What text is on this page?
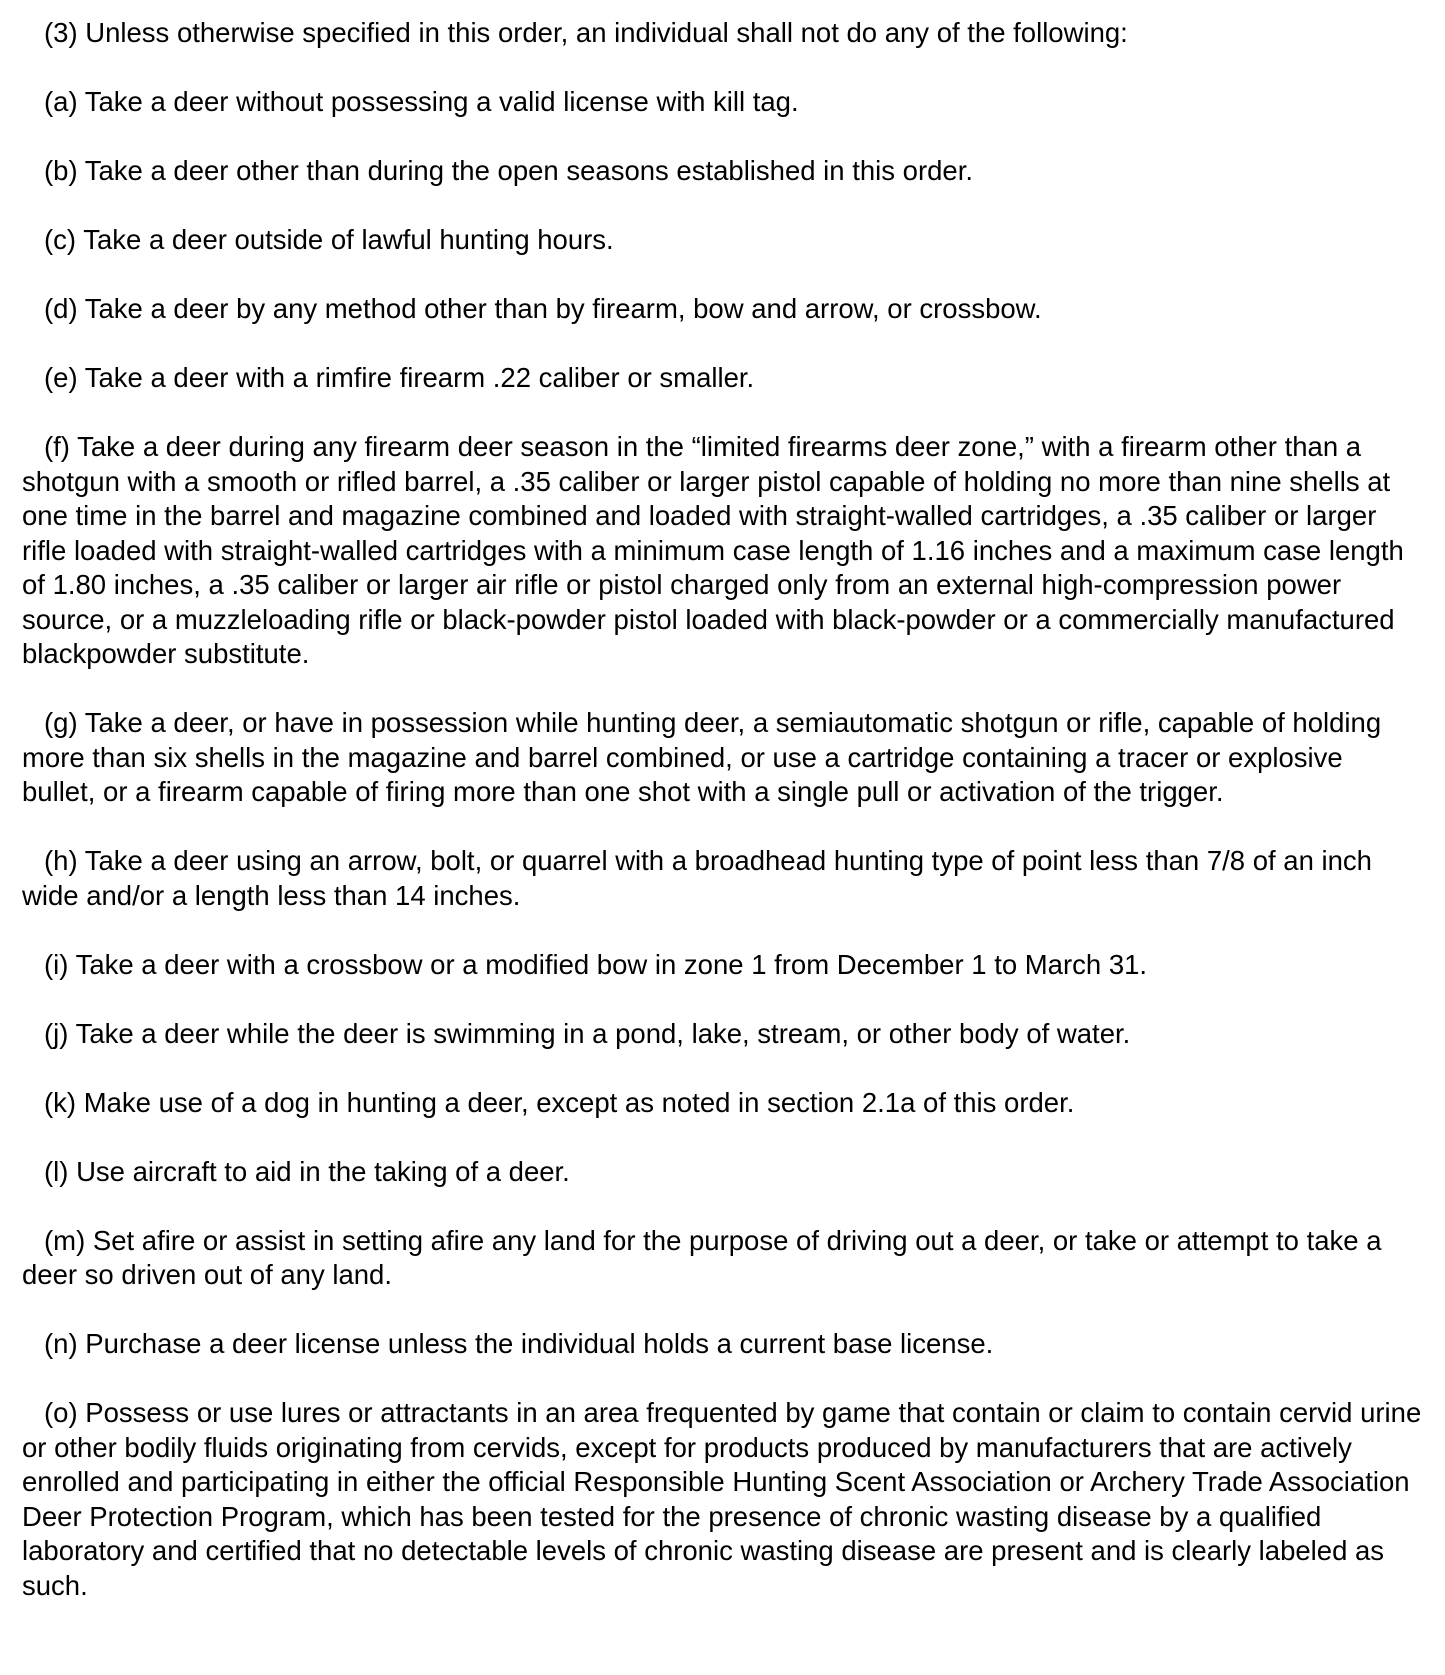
(3) Unless otherwise specified in this order, an individual shall not do any of the following:

(a) Take a deer without possessing a valid license with kill tag.

(b) Take a deer other than during the open seasons established in this order.

(c) Take a deer outside of lawful hunting hours.

(d) Take a deer by any method other than by firearm, bow and arrow, or crossbow.

(e) Take a deer with a rimfire firearm .22 caliber or smaller.

(f) Take a deer during any firearm deer season in the “limited firearms deer zone,” with a firearm other than a shotgun with a smooth or rifled barrel, a .35 caliber or larger pistol capable of holding no more than nine shells at one time in the barrel and magazine combined and loaded with straight-walled cartridges, a .35 caliber or larger rifle loaded with straight-walled cartridges with a minimum case length of 1.16 inches and a maximum case length of 1.80 inches, a .35 caliber or larger air rifle or pistol charged only from an external high-compression power source, or a muzzleloading rifle or black-powder pistol loaded with black-powder or a commercially manufactured blackpowder substitute.

(g) Take a deer, or have in possession while hunting deer, a semiautomatic shotgun or rifle, capable of holding more than six shells in the magazine and barrel combined, or use a cartridge containing a tracer or explosive bullet, or a firearm capable of firing more than one shot with a single pull or activation of the trigger.

(h) Take a deer using an arrow, bolt, or quarrel with a broadhead hunting type of point less than 7/8 of an inch wide and/or a length less than 14 inches.

(i) Take a deer with a crossbow or a modified bow in zone 1 from December 1 to March 31.

(j) Take a deer while the deer is swimming in a pond, lake, stream, or other body of water.

(k) Make use of a dog in hunting a deer, except as noted in section 2.1a of this order.

(l) Use aircraft to aid in the taking of a deer.

(m) Set afire or assist in setting afire any land for the purpose of driving out a deer, or take or attempt to take a deer so driven out of any land.

(n) Purchase a deer license unless the individual holds a current base license.

(o) Possess or use lures or attractants in an area frequented by game that contain or claim to contain cervid urine or other bodily fluids originating from cervids, except for products produced by manufacturers that are actively enrolled and participating in either the official Responsible Hunting Scent Association or Archery Trade Association Deer Protection Program, which has been tested for the presence of chronic wasting disease by a qualified laboratory and certified that no detectable levels of chronic wasting disease are present and is clearly labeled as such.
